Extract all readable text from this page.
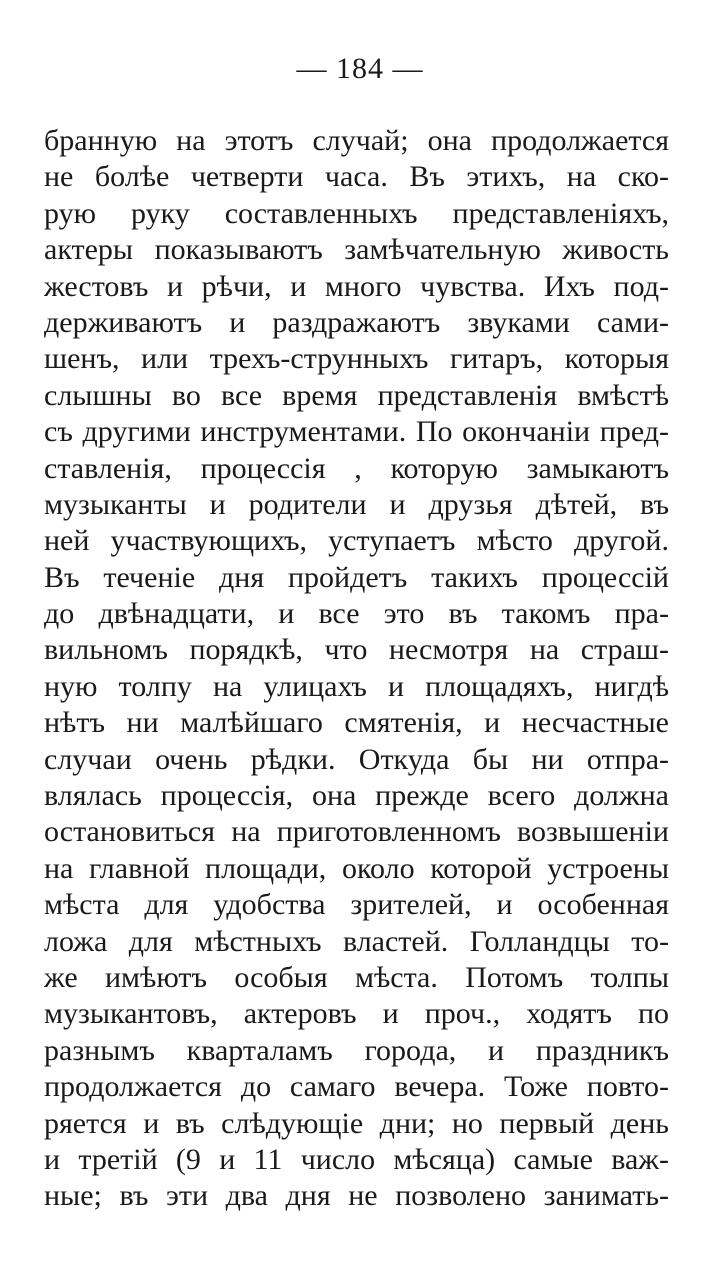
— 184 —
бранную на этотъ случай; она продолжается
не болѣе четверти часа. Въ этихъ, на ско-
рую руку составленныхъ представленіяхъ,
актеры показываютъ замѣчательную живость
жестовъ и рѣчи, и много чувства. Ихъ под-
держиваютъ и раздражаютъ звуками сами-
шенъ, или трехъ-струнныхъ гитаръ, которыя
слышны во все время представленія вмѣстѣ
съ другими инструментами. По окончаніи пред-
ставленія, процессія , которую замыкаютъ
музыканты и родители и друзья дѣтей, въ
ней участвующихъ, уступаетъ мѣсто другой.
Въ теченіе дня пройдетъ такихъ процессій
до двѣнадцати, и все это въ такомъ пра-
вильномъ порядкѣ, что несмотря на страш-
ную толпу на улицахъ и площадяхъ, нигдѣ
нѣтъ ни малѣйшаго смятенія, и несчастные
случаи очень рѣдки. Откуда бы ни отпра-
влялась процессія, она прежде всего должна
остановиться на приготовленномъ возвышеніи
на главной площади, около которой устроены
мѣста для удобства зрителей, и особенная
ложа для мѣстныхъ властей. Голландцы то-
же имѣютъ особыя мѣста. Потомъ толпы
музыкантовъ, актеровъ и проч., ходятъ по
разнымъ кварталамъ города, и праздникъ
продолжается до самаго вечера. Тоже повто-
ряется и въ слѣдующіе дни; но первый день
и третій (9 и 11 число мѣсяца) самые важ-
ные; въ эти два дня не позволено занимать-
